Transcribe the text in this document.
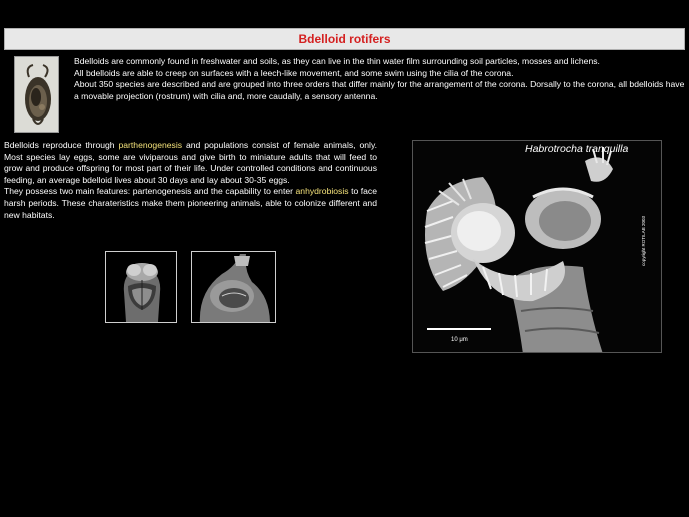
Bdelloid rotifers

Bdelloids are commonly found in freshwater and soils, as they can live in the thin water film surrounding soil particles, mosses and lichens.

All bdelloids are able to creep on surfaces with a leech-like movement, and some swim using the cilia of the corona.

About 350 species are described and are grouped into three orders that differ mainly for the arrangement of the corona. Dorsally to the corona, all bdelloids have a movable projection (rostrum) with cilia and, more caudally, a sensory antenna.

Bdelloids reproduce through parthenogenesis and populations consist of female animals, only. Most species lay eggs, some are viviparous and give birth to miniature adults that will feed to grow and produce offspring for most part of their life. Under controlled conditions and continuous feeding, an average bdelloid lives about 30 days and lay about 30-35 eggs.

They possess two main features: partenogenesis and the capability to enter anhydrobiosis to face harsh periods. These charateristics make them pioneering animals, able to colonize different and new habitats.

Habrotrocha tranquilla
10 μm
copyright ROTILAB 2003
